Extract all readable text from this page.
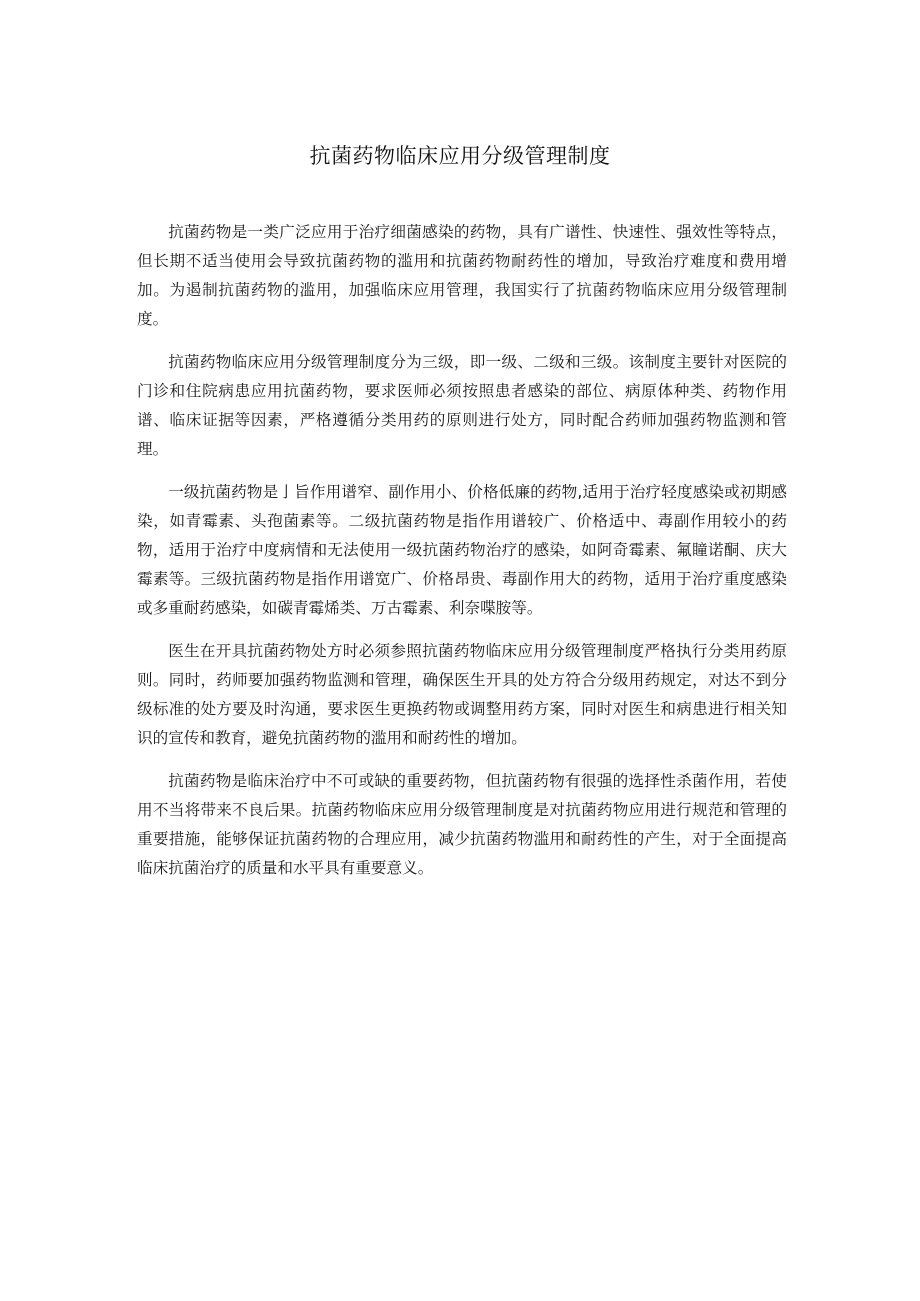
抗菌药物临床应用分级管理制度

抗菌药物是一类广泛应用于治疗细菌感染的药物，具有广谱性、快速性、强效性等特点，但长期不适当使用会导致抗菌药物的滥用和抗菌药物耐药性的增加，导致治疗难度和费用增加。为遏制抗菌药物的滥用，加强临床应用管理，我国实行了抗菌药物临床应用分级管理制度。

抗菌药物临床应用分级管理制度分为三级，即一级、二级和三级。该制度主要针对医院的门诊和住院病患应用抗菌药物，要求医师必须按照患者感染的部位、病原体种类、药物作用谱、临床证据等因素，严格遵循分类用药的原则进行处方，同时配合药师加强药物监测和管理。

一级抗菌药物是亅旨作用谱窄、副作用小、价格低廉的药物,适用于治疗轻度感染或初期感染，如青霉素、头孢菌素等。二级抗菌药物是指作用谱较广、价格适中、毒副作用较小的药物，适用于治疗中度病情和无法使用一级抗菌药物治疗的感染，如阿奇霉素、氟瞳诺酮、庆大霉素等。三级抗菌药物是指作用谱宽广、价格昂贵、毒副作用大的药物，适用于治疗重度感染或多重耐药感染，如碳青霉烯类、万古霉素、利奈喋胺等。

医生在开具抗菌药物处方时必须参照抗菌药物临床应用分级管理制度严格执行分类用药原则。同时，药师要加强药物监测和管理，确保医生开具的处方符合分级用药规定，对达不到分级标准的处方要及时沟通，要求医生更换药物或调整用药方案，同时对医生和病患进行相关知识的宣传和教育，避免抗菌药物的滥用和耐药性的增加。

抗菌药物是临床治疗中不可或缺的重要药物，但抗菌药物有很强的选择性杀菌作用，若使用不当将带来不良后果。抗菌药物临床应用分级管理制度是对抗菌药物应用进行规范和管理的重要措施，能够保证抗菌药物的合理应用，减少抗菌药物滥用和耐药性的产生，对于全面提高临床抗菌治疗的质量和水平具有重要意义。
